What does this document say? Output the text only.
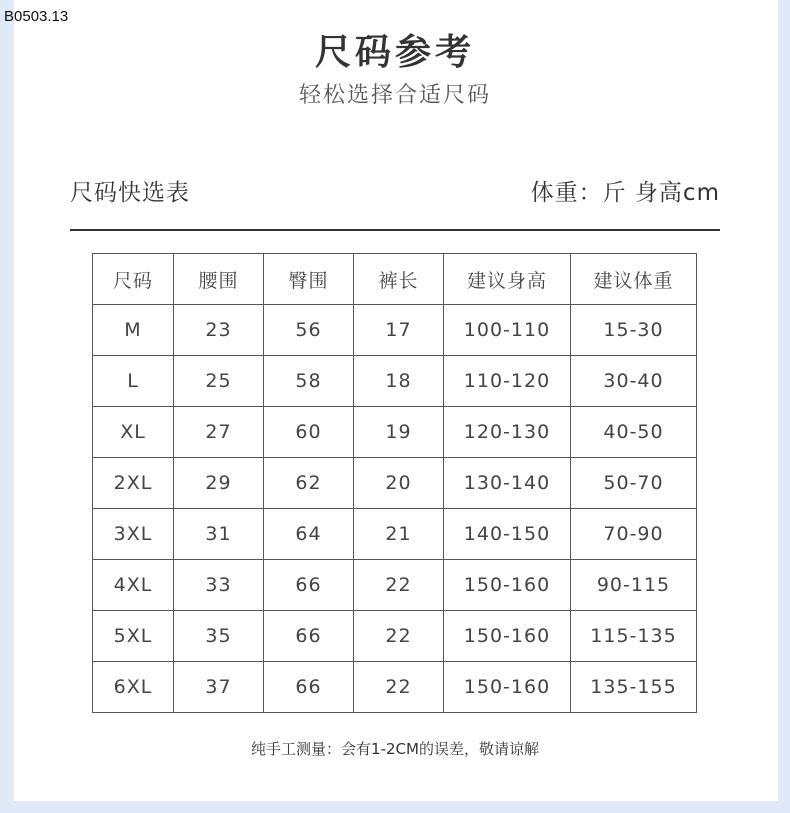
B0503.13
尺码参考
轻松选择合适尺码
尺码快选表	体重：斤 身高cm
尺码	腰围	臀围	裤长	建议身高	建议体重
M	23	56	17	100-110	15-30
L	25	58	18	110-120	30-40
XL	27	60	19	120-130	40-50
2XL	29	62	20	130-140	50-70
3XL	31	64	21	140-150	70-90
4XL	33	66	22	150-160	90-115
5XL	35	66	22	150-160	115-135
6XL	37	66	22	150-160	135-155
纯手工测量：会有1-2CM的误差，敬请谅解
